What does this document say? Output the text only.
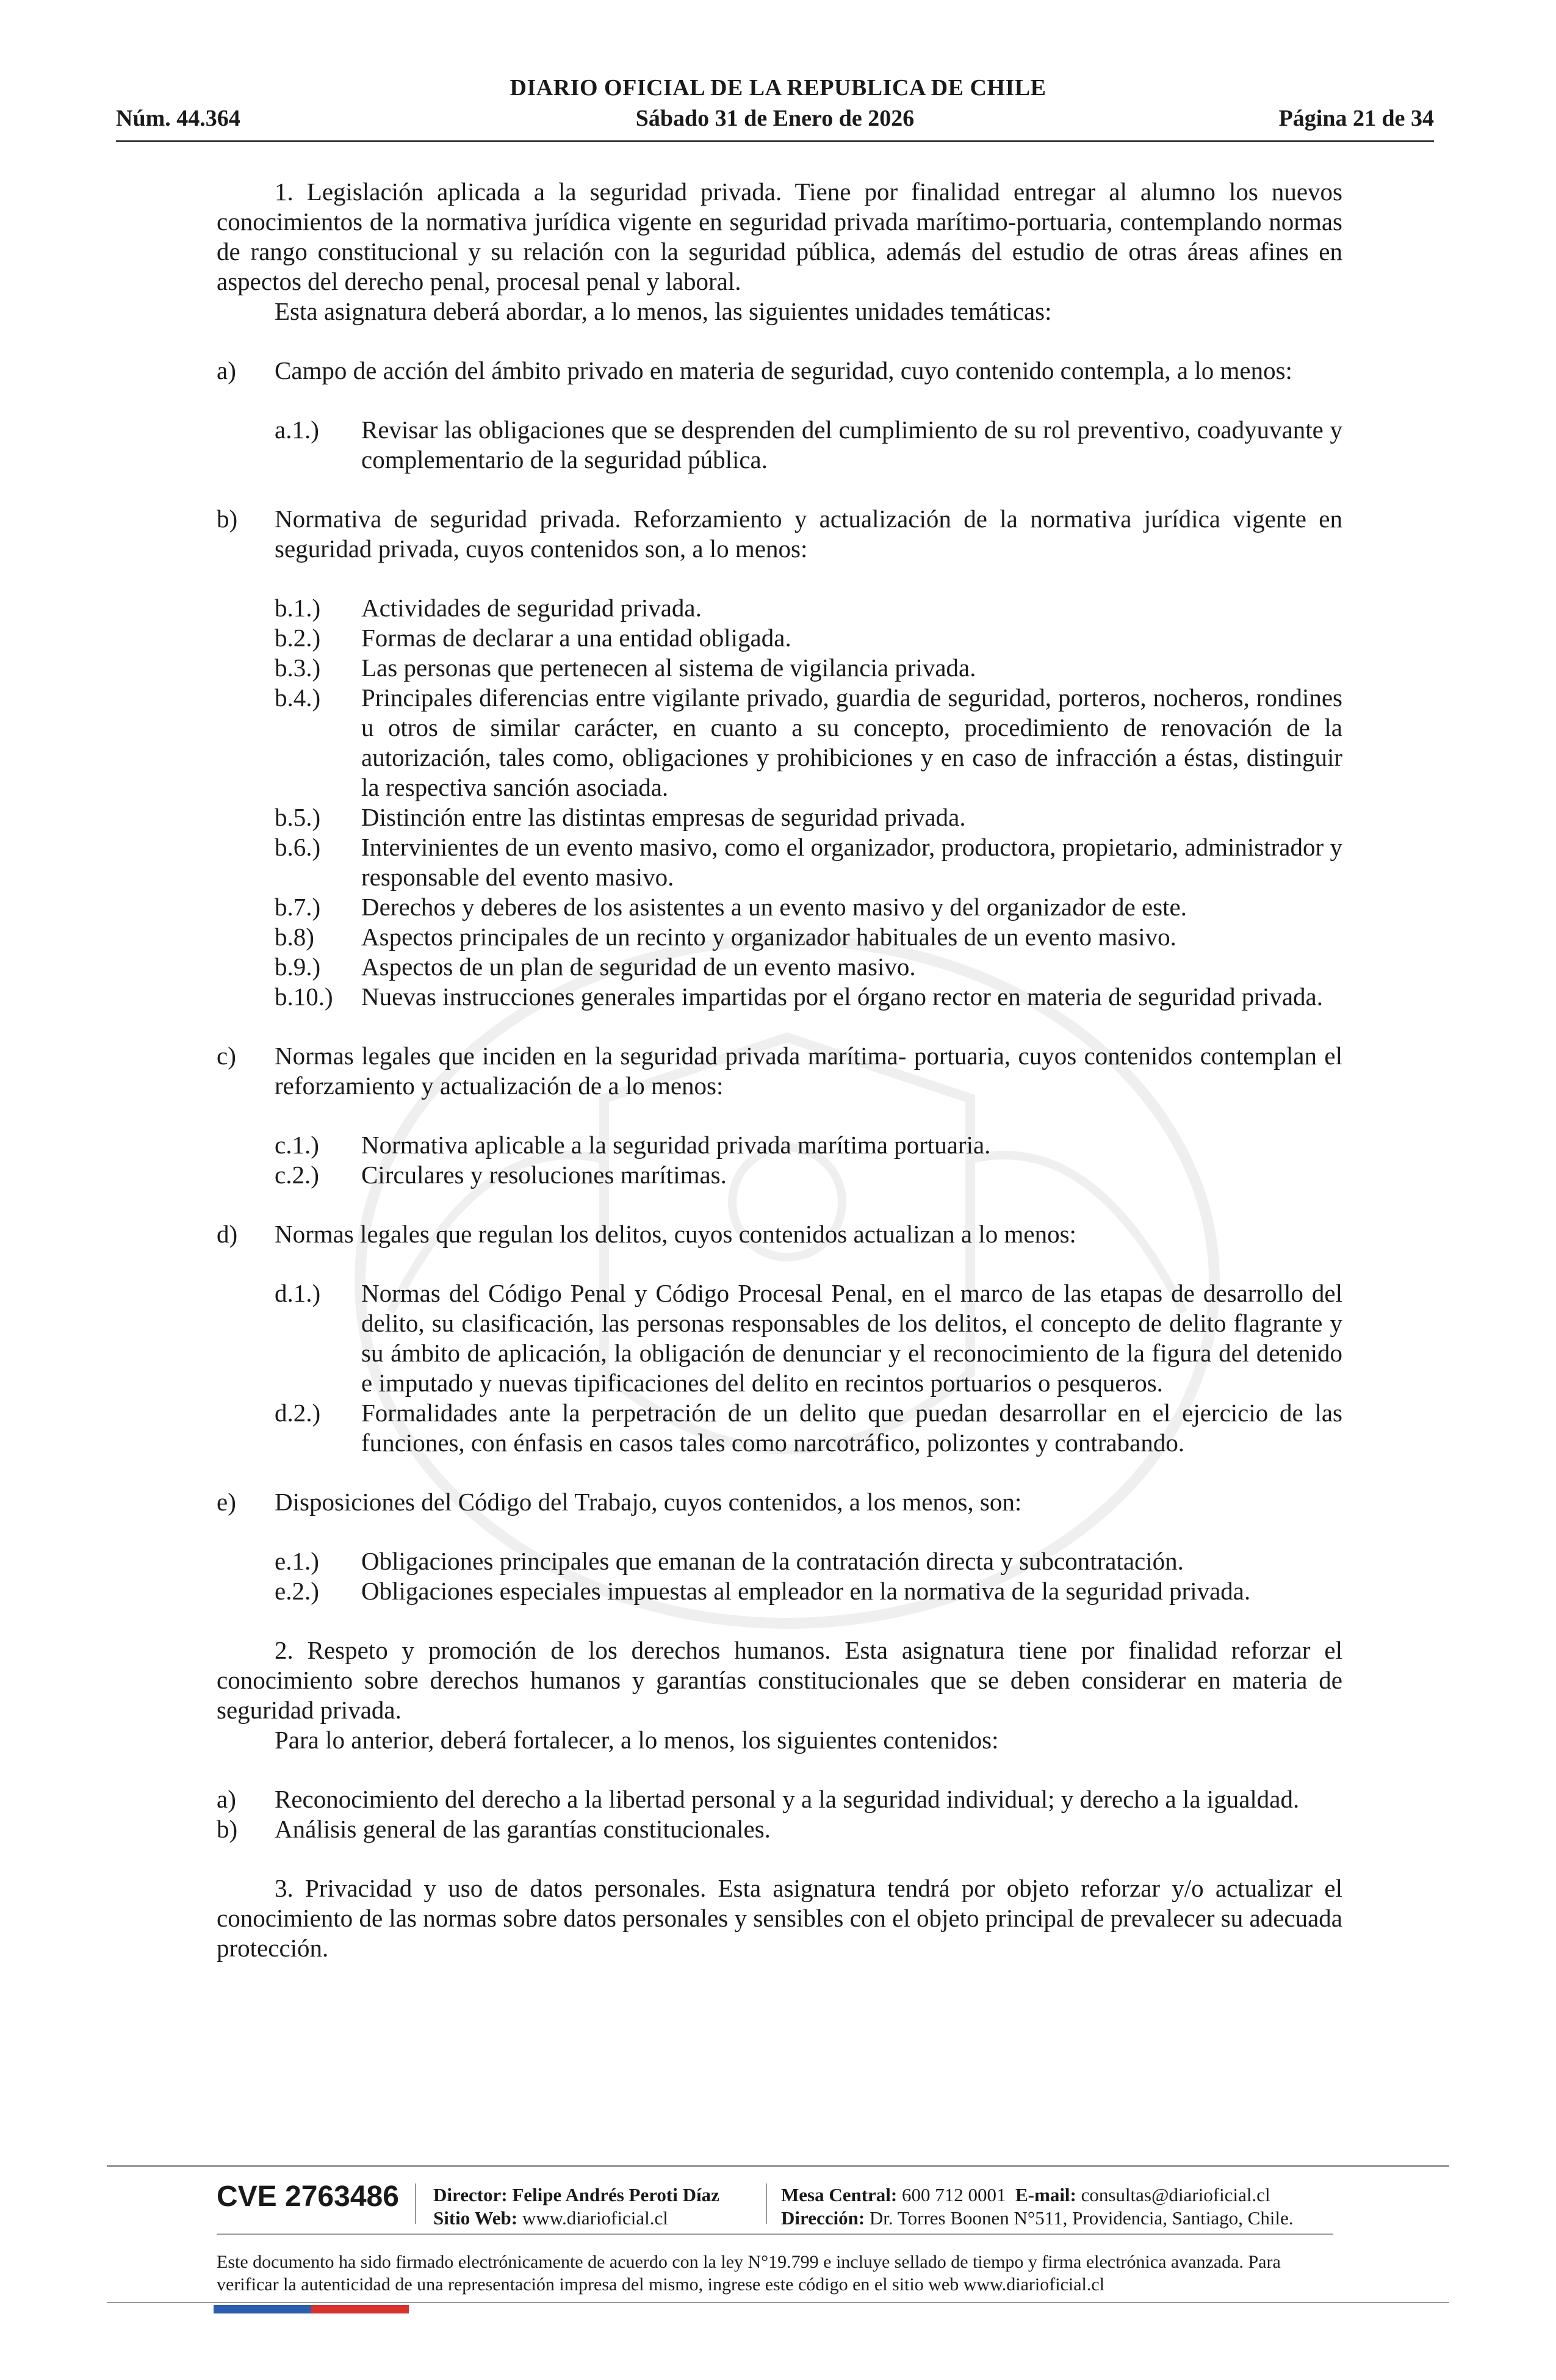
DIARIO OFICIAL DE LA REPUBLICA DE CHILE
Sábado 31 de Enero de 2026
Núm. 44.364	Página 21 de 34

1. Legislación aplicada a la seguridad privada. Tiene por finalidad entregar al alumno los nuevos conocimientos de la normativa jurídica vigente en seguridad privada marítimo-portuaria, contemplando normas de rango constitucional y su relación con la seguridad pública, además del estudio de otras áreas afines en aspectos del derecho penal, procesal penal y laboral.

Esta asignatura deberá abordar, a lo menos, las siguientes unidades temáticas:

a) Campo de acción del ámbito privado en materia de seguridad, cuyo contenido contempla, a lo menos:
a.1.) Revisar las obligaciones que se desprenden del cumplimiento de su rol preventivo, coadyuvante y complementario de la seguridad pública.
b) Normativa de seguridad privada. Reforzamiento y actualización de la normativa jurídica vigente en seguridad privada, cuyos contenidos son, a lo menos:
b.1.) Actividades de seguridad privada.
b.2.) Formas de declarar a una entidad obligada.
b.3.) Las personas que pertenecen al sistema de vigilancia privada.
b.4.) Principales diferencias entre vigilante privado, guardia de seguridad, porteros, nocheros, rondines u otros de similar carácter, en cuanto a su concepto, procedimiento de renovación de la autorización, tales como, obligaciones y prohibiciones y en caso de infracción a éstas, distinguir la respectiva sanción asociada.
b.5.) Distinción entre las distintas empresas de seguridad privada.
b.6.) Intervinientes de un evento masivo, como el organizador, productora, propietario, administrador y responsable del evento masivo.
b.7.) Derechos y deberes de los asistentes a un evento masivo y del organizador de este.
b.8) Aspectos principales de un recinto y organizador habituales de un evento masivo.
b.9.) Aspectos de un plan de seguridad de un evento masivo.
b.10.) Nuevas instrucciones generales impartidas por el órgano rector en materia de seguridad privada.
c) Normas legales que inciden en la seguridad privada marítima- portuaria, cuyos contenidos contemplan el reforzamiento y actualización de a lo menos:
c.1.) Normativa aplicable a la seguridad privada marítima portuaria.
c.2.) Circulares y resoluciones marítimas.
d) Normas legales que regulan los delitos, cuyos contenidos actualizan a lo menos:
d.1.) Normas del Código Penal y Código Procesal Penal, en el marco de las etapas de desarrollo del delito, su clasificación, las personas responsables de los delitos, el concepto de delito flagrante y su ámbito de aplicación, la obligación de denunciar y el reconocimiento de la figura del detenido e imputado y nuevas tipificaciones del delito en recintos portuarios o pesqueros.
d.2.) Formalidades ante la perpetración de un delito que puedan desarrollar en el ejercicio de las funciones, con énfasis en casos tales como narcotráfico, polizontes y contrabando.
e) Disposiciones del Código del Trabajo, cuyos contenidos, a los menos, son:
e.1.) Obligaciones principales que emanan de la contratación directa y subcontratación.
e.2.) Obligaciones especiales impuestas al empleador en la normativa de la seguridad privada.

2. Respeto y promoción de los derechos humanos. Esta asignatura tiene por finalidad reforzar el conocimiento sobre derechos humanos y garantías constitucionales que se deben considerar en materia de seguridad privada.

Para lo anterior, deberá fortalecer, a lo menos, los siguientes contenidos:

a) Reconocimiento del derecho a la libertad personal y a la seguridad individual; y derecho a la igualdad.
b) Análisis general de las garantías constitucionales.

3. Privacidad y uso de datos personales. Esta asignatura tendrá por objeto reforzar y/o actualizar el conocimiento de las normas sobre datos personales y sensibles con el objeto principal de prevalecer su adecuada protección.

CVE 2763486 Director: Felipe Andrés Peroti Díaz
Sitio Web: www.diarioficial.cl
Mesa Central: 600 712 0001 E-mail: consultas@diarioficial.cl
Dirección: Dr. Torres Boonen N°511, Providencia, Santiago, Chile.
Este documento ha sido firmado electrónicamente de acuerdo con la ley N°19.799 e incluye sellado de tiempo y firma electrónica avanzada. Para verificar la autenticidad de una representación impresa del mismo, ingrese este código en el sitio web www.diarioficial.cl
